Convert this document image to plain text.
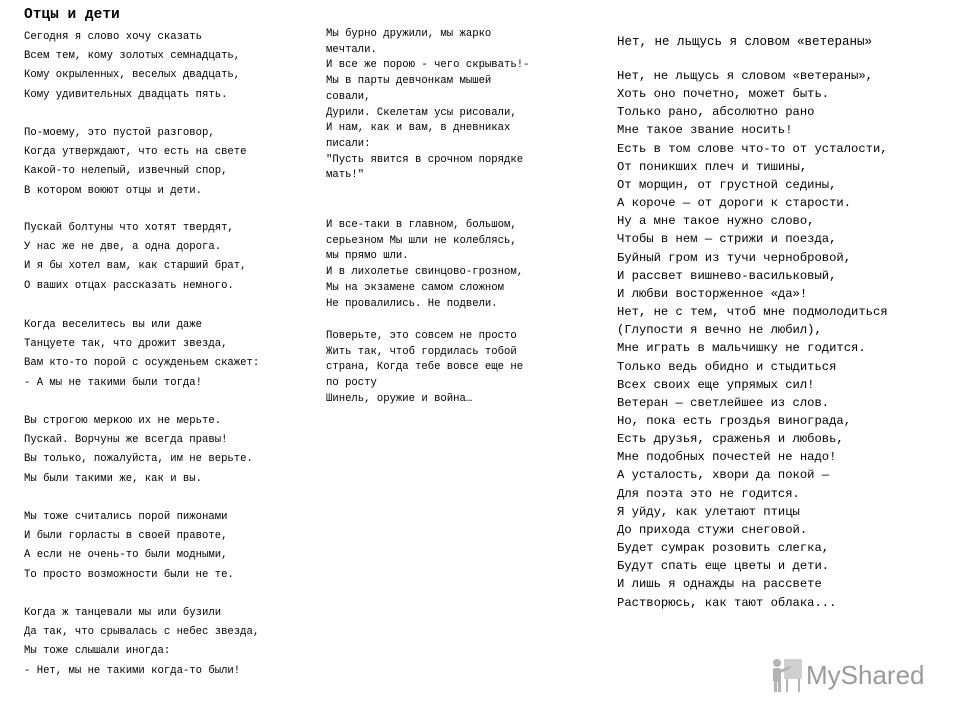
Отцы и дети

Сегодня я слово хочу сказать

Всем тем, кому золотых семнадцать,

Кому окрыленных, веселых двадцать,

Кому удивительных двадцать пять.

По-моему, это пустой разговор,

Когда утверждают, что есть на свете

Какой-то нелепый, извечный спор,

В котором воюют отцы и дети.

Пускай болтуны что хотят твердят,

У нас же не две, а одна дорога.

И я бы хотел вам, как старший брат,

О ваших отцах рассказать немного.

Когда веселитесь вы или даже

Танцуете так, что дрожит звезда,

Вам кто-то порой с осужденьем скажет:

- А мы не такими были тогда!

Вы строгою меркою их не мерьте.

Пускай. Ворчуны же всегда правы!

Вы только, пожалуйста, им не верьте.

Мы были такими же, как и вы.

Мы тоже считались порой пижонами

И были горласты в своей правоте,

А если не очень-то были модными,

То просто возможности были не те.

Когда ж танцевали мы или бузили

Да так, что срывалась с небес звезда,

Мы тоже слышали иногда:

- Нет, мы не такими когда-то были!

Мы бурно дружили, мы жарко

мечтали.

И все же порою - чего скрывать!-

Мы в парты девчонкам мышей

совали,

Дурили. Скелетам усы рисовали,

И нам, как и вам, в дневниках

писали:

"Пусть явится в срочном порядке

мать!"

И все-таки в главном, большом,

серьезном Мы шли не колеблясь,

мы прямо шли.

И в лихолетье свинцово-грозном,

Мы на экзамене самом сложном

Не провалились. Не подвели.

Поверьте, это совсем не просто

Жить так, чтоб гордилась тобой

страна, Когда тебе вовсе еще не

по росту

Шинель, оружие и война…

Нет, не льщусь я словом «ветераны»

Нет, не льщусь я словом «ветераны»,

Хоть оно почетно, может быть.

Только рано, абсолютно рано

Мне такое звание носить!

Есть в том слове что-то от усталости,

От поникших плеч и тишины,

От морщин, от грустной седины,

А короче — от дороги к старости.

Ну а мне такое нужно слово,

Чтобы в нем — стрижи и поезда,

Буйный гром из тучи чернобровой,

И рассвет вишнево-васильковый,

И любви восторженное «да»!

Нет, не с тем, чтоб мне подмолодиться

(Глупости я вечно не любил),

Мне играть в мальчишку не годится.

Только ведь обидно и стыдиться

Всех своих еще упрямых сил!

Ветеран — светлейшее из слов.

Но, пока есть гроздья винограда,

Есть друзья, сраженья и любовь,

Мне подобных почестей не надо!

А усталость, хвори да покой —

Для поэта это не годится.

Я уйду, как улетают птицы

До прихода стужи снеговой.

Будет сумрак розовить слегка,

Будут спать еще цветы и дети.

И лишь я однажды на рассвете

Растворюсь, как тают облака...

MyShared
